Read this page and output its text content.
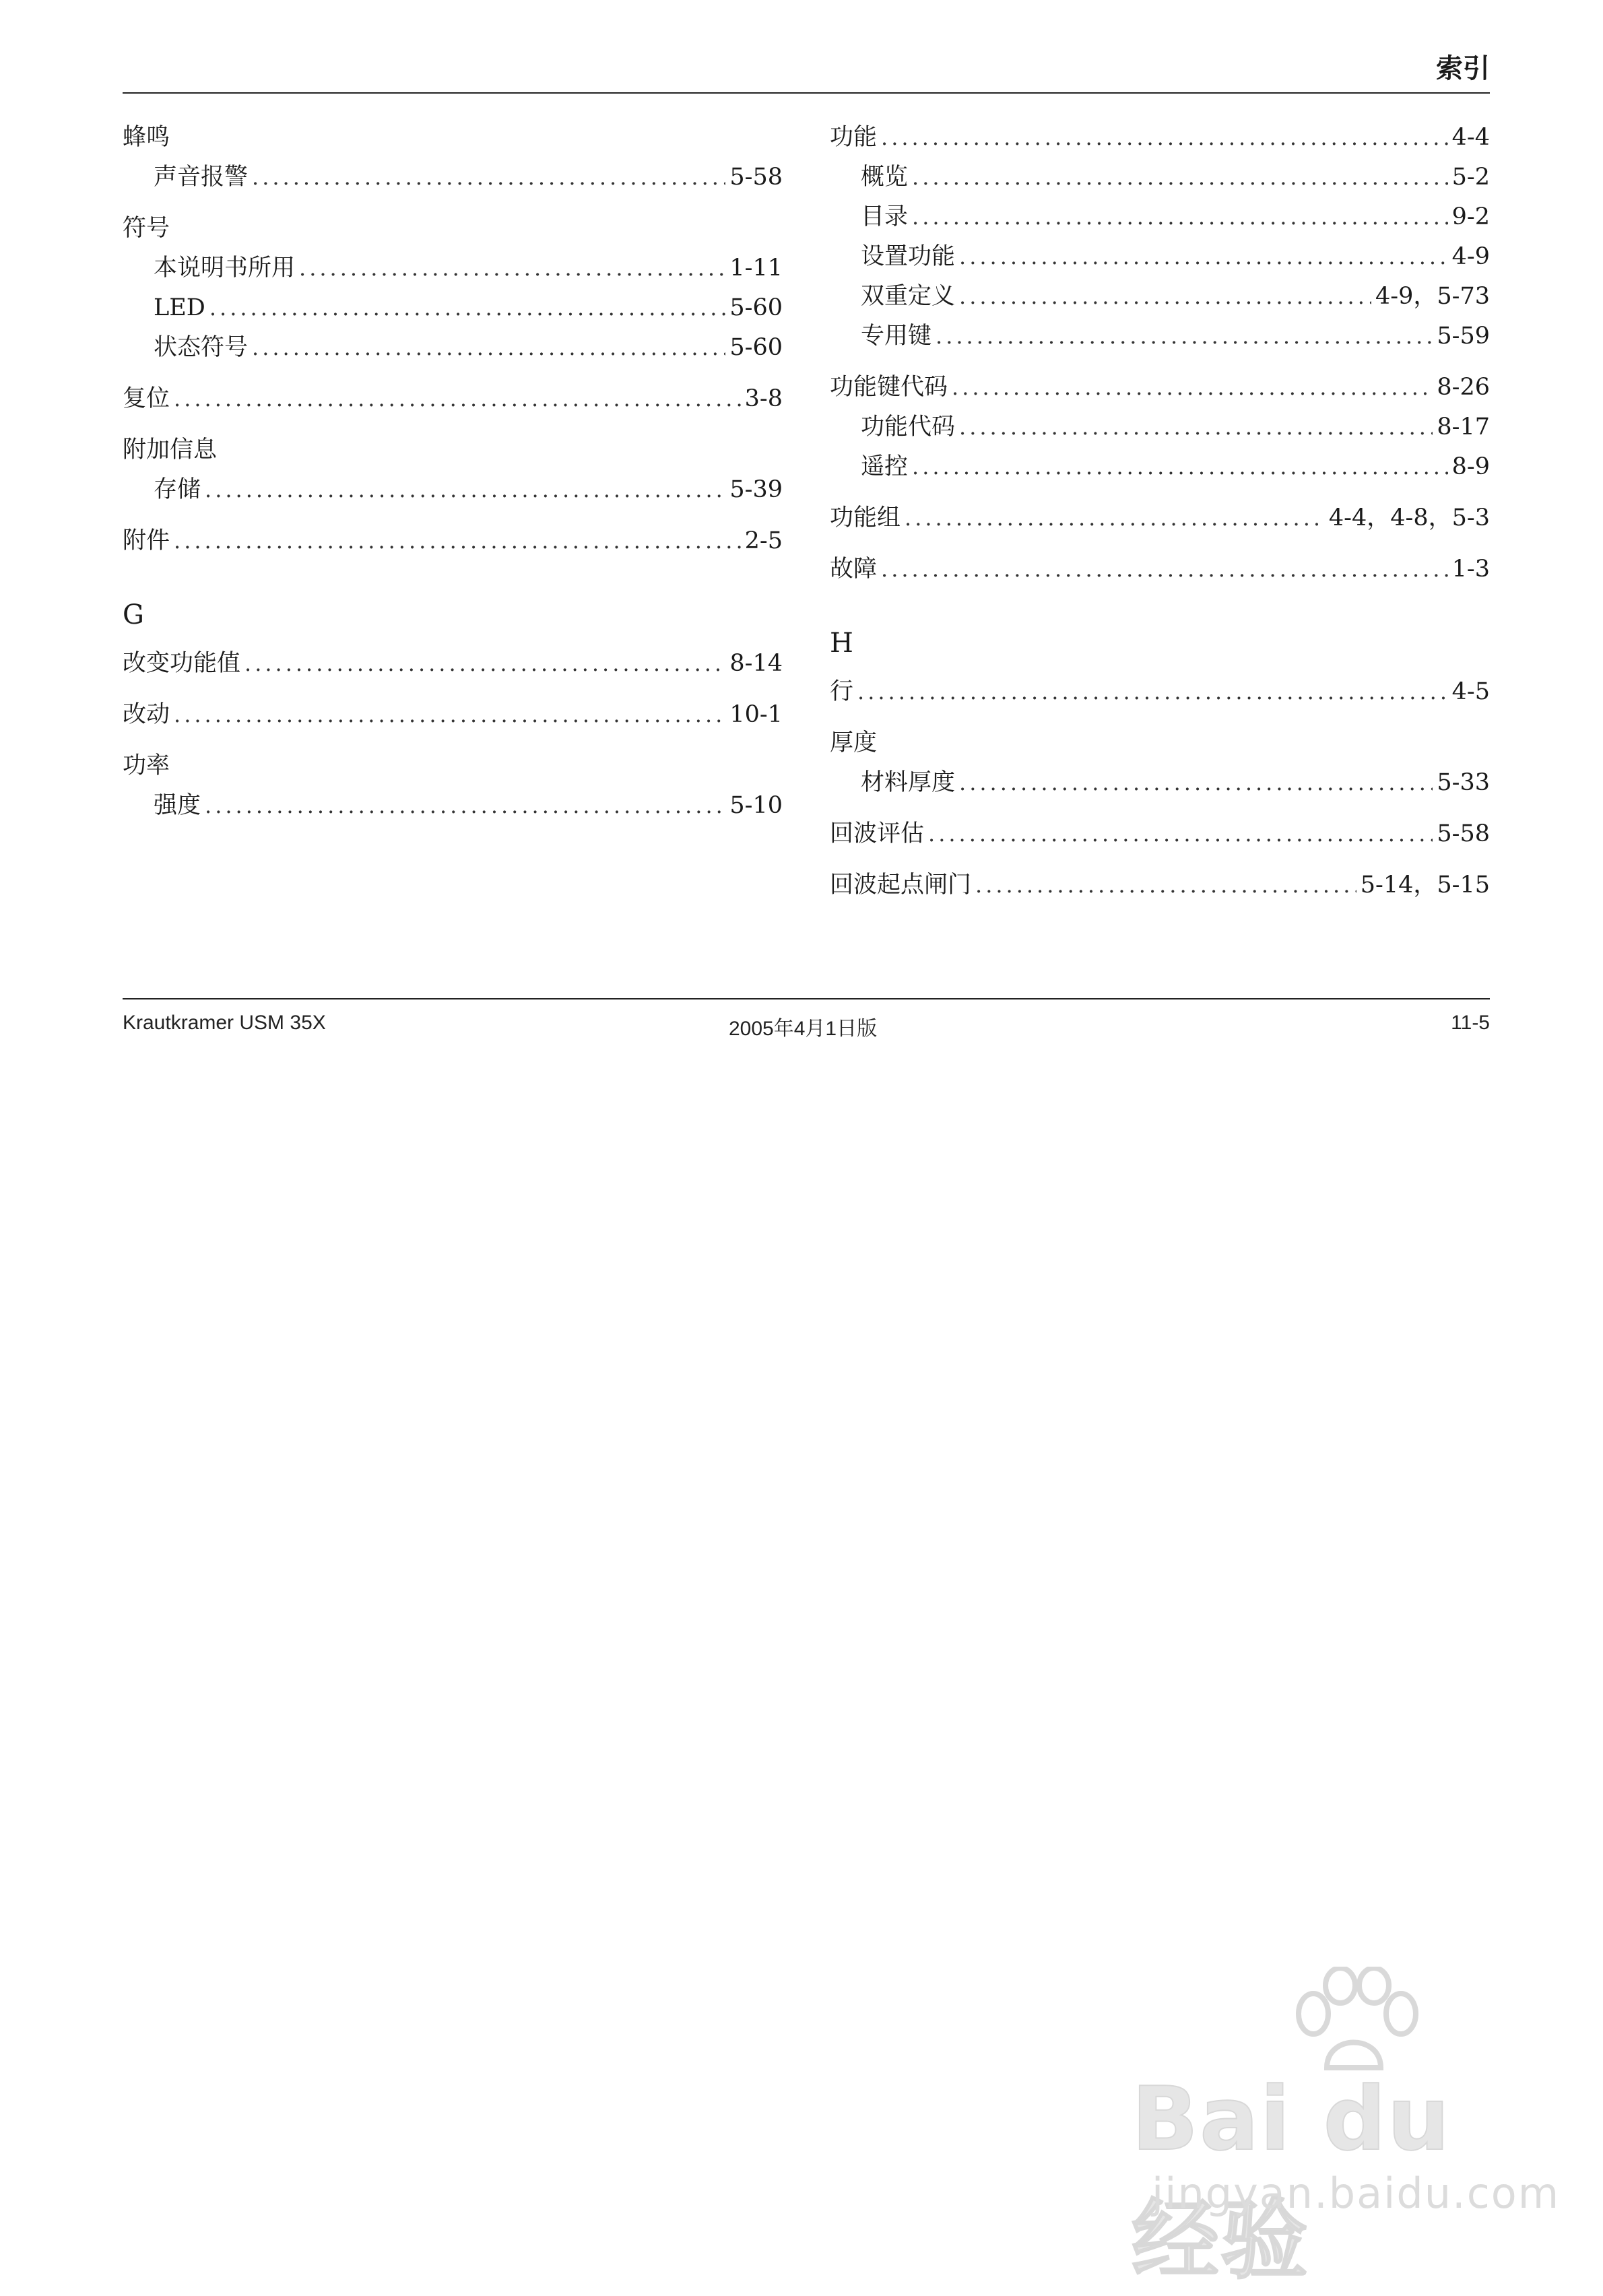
索引
蜂鸣
声音报警 .....	5-58
符号
本说明书所用 .....	1-11
LED .....	5-60
状态符号 .....	5-60
复位 .....	3-8
附加信息
存储 .....	5-39
附件 .....	2-5
G
改变功能值 .....	8-14
改动 .....	10-1
功率
强度 .....	5-10
功能 .....	4-4
概览 .....	5-2
目录 .....	9-2
设置功能 .....	4-9
双重定义 .....	4-9，5-73
专用键 .....	5-59
功能键代码 .....	8-26
功能代码 .....	8-17
遥控 .....	8-9
功能组 .....	4-4，4-8，5-3
故障 .....	1-3
H
行 .....	4-5
厚度
材料厚度 .....	5-33
回波评估 .....	5-58
回波起点闸门 .....	5-14，5-15
Krautkramer USM 35X	2005年4月1日版	11-5
Bai du 经验
jingyan.baidu.com
